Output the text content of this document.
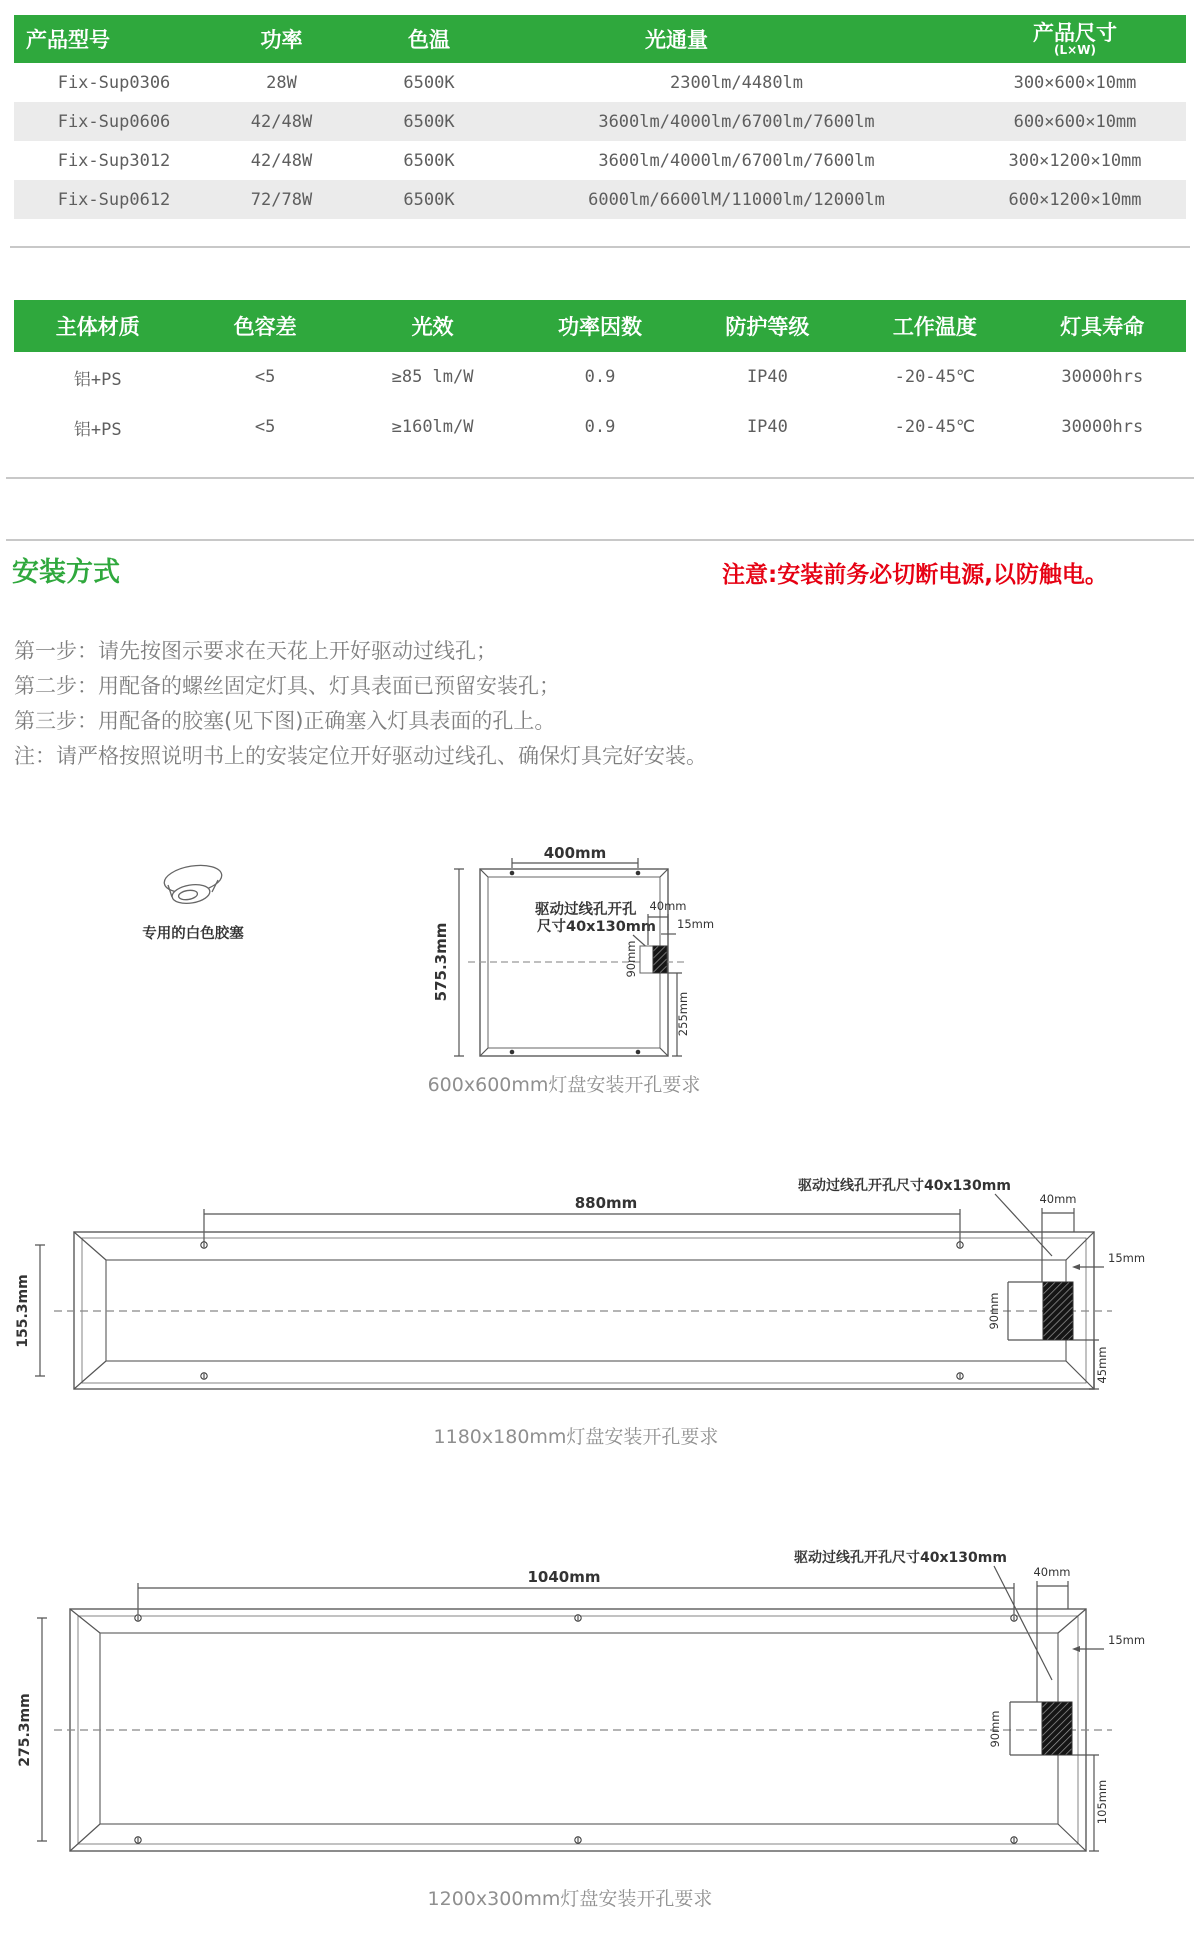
产品型号	功率	色温	光通量	产品尺寸
(L×W)
Fix-Sup0306	28W	6500K	2300lm/4480lm	300×600×10mm
Fix-Sup0606	42/48W	6500K	3600lm/4000lm/6700lm/7600lm	600×600×10mm
Fix-Sup3012	42/48W	6500K	3600lm/4000lm/6700lm/7600lm	300×1200×10mm
Fix-Sup0612	72/78W	6500K	6000lm/6600lM/11000lm/12000lm	600×1200×10mm
主体材质	色容差	光效	功率因数	防护等级	工作温度	灯具寿命
铝+PS	<5	≥85 lm/W	0.9	IP40	-20-45℃	30000hrs
铝+PS	<5	≥160lm/W	0.9	IP40	-20-45℃	30000hrs
安装方式	注意:安装前务必切断电源,以防触电。
第一步：请先按图示要求在天花上开好驱动过线孔；
第二步：用配备的螺丝固定灯具、灯具表面已预留安装孔；
第三步：用配备的胶塞(见下图)正确塞入灯具表面的孔上。
注：请严格按照说明书上的安装定位开好驱动过线孔、确保灯具完好安装。
专用的白色胶塞
400mm
575.3mm
驱动过线孔开孔
尺寸40x130mm
40mm
15mm
90mm
255mm
600x600mm灯盘安装开孔要求
驱动过线孔开孔尺寸40x130mm
880mm
155.3mm
40mm
15mm
90mm
45mm
1180x180mm灯盘安装开孔要求
驱动过线孔开孔尺寸40x130mm
1040mm
275.3mm
40mm
15mm
90mm
105mm
1200x300mm灯盘安装开孔要求
